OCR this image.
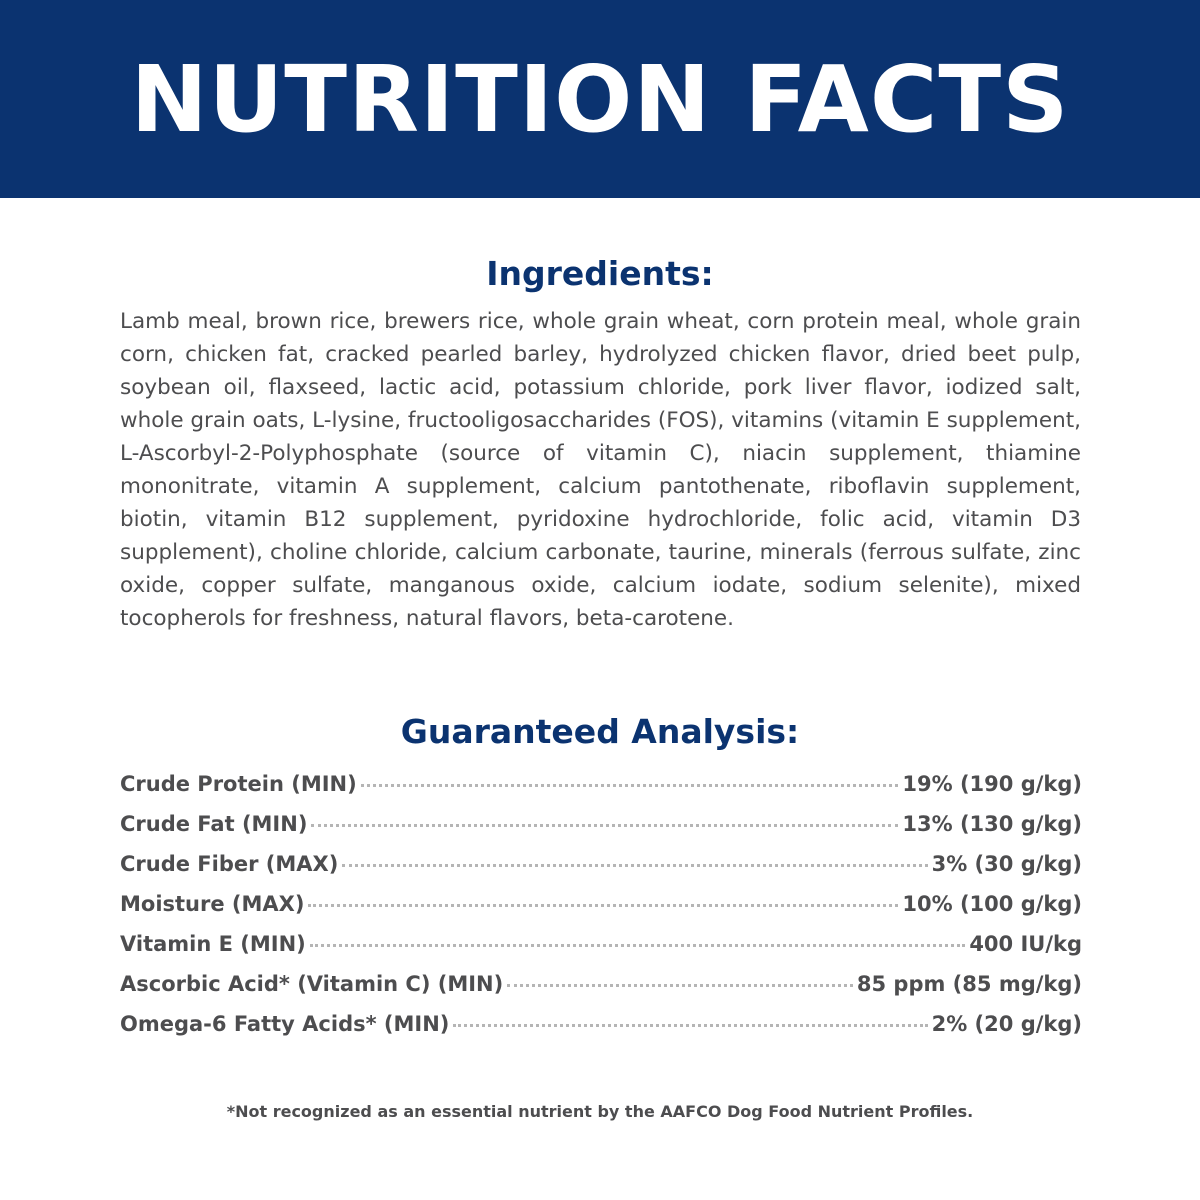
NUTRITION FACTS
Ingredients:

Lamb meal, brown rice, brewers rice, whole grain wheat, corn protein meal, whole grain corn, chicken fat, cracked pearled barley, hydrolyzed chicken flavor, dried beet pulp, soybean oil, flaxseed, lactic acid, potassium chloride, pork liver flavor, iodized salt, whole grain oats, L-lysine, fructooligosaccharides (FOS), vitamins (vitamin E supplement, L-Ascorbyl-2-Polyphosphate (source of vitamin C), niacin supplement, thiamine mononitrate, vitamin A supplement, calcium pantothenate, riboflavin supplement, biotin, vitamin B12 supplement, pyridoxine hydrochloride, folic acid, vitamin D3 supplement), choline chloride, calcium carbonate, taurine, minerals (ferrous sulfate, zinc oxide, copper sulfate, manganous oxide, calcium iodate, sodium selenite), mixed tocopherols for freshness, natural flavors, beta-carotene.

Guaranteed Analysis:
Crude Protein (MIN)	19% (190 g/kg)
Crude Fat (MIN)	13% (130 g/kg)
Crude Fiber (MAX)	3% (30 g/kg)
Moisture (MAX)	10% (100 g/kg)
Vitamin E (MIN)	400 IU/kg
Ascorbic Acid* (Vitamin C) (MIN)	85 ppm (85 mg/kg)
Omega-6 Fatty Acids* (MIN)	2% (20 g/kg)

*Not recognized as an essential nutrient by the AAFCO Dog Food Nutrient Profiles.
